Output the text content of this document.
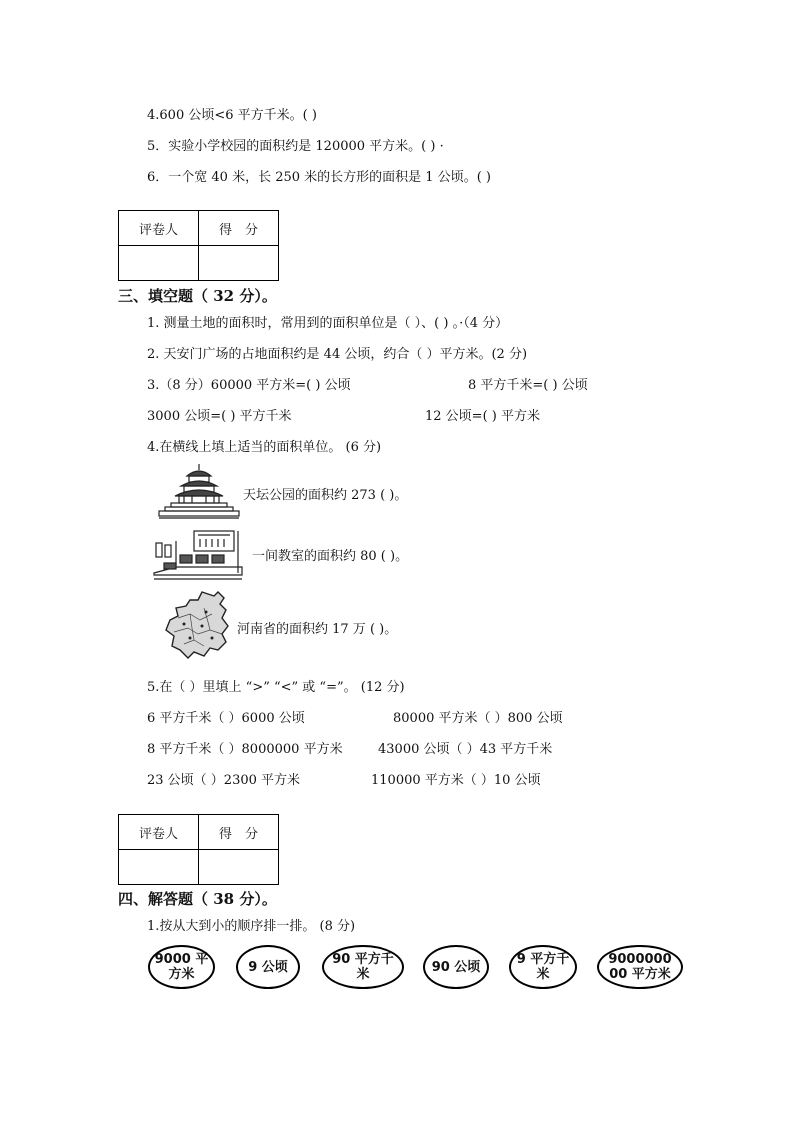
4.600 公顷<6 平方千米。( )
5．实验小学校园的面积约是 120000 平方米。( ) ·
6．一个宽 40 米，长 250 米的长方形的面积是 1 公顷。( )
评卷人	得　分

三、填空题（ 32 分）。
1. 测量土地的面积时，常用到的面积单位是（ ）、( ) 。·（4 分）
2. 天安门广场的占地面积约是 44 公顷，约合（ ）平方米。(2 分)
3.（8 分）60000 平方米=( ) 公顷	8 平方千米=( ) 公顷
3000 公顷=( ) 平方千米	12 公顷=( ) 平方米
4.在横线上填上适当的面积单位。 (6 分)
天坛公园的面积约 273 ( )。
一间教室的面积约 80 ( )。
河南省的面积约 17 万 ( )。
5.在（ ）里填上 “>” “<” 或 “=”。 (12 分)
6 平方千米（ ）6000 公顷	80000 平方米（ ）800 公顷
8 平方千米（ ）8000000 平方米	43000 公顷（ ）43 平方千米
23 公顷（ ）2300 平方米	110000 平方米（ ）10 公顷
评卷人	得　分

四、解答题（ 38 分）。
1.按从大到小的顺序排一排。 (8 分)
9000 平方米	9 公顷	90 平方千米	90 公顷	9 平方千米
900000000 平方米
